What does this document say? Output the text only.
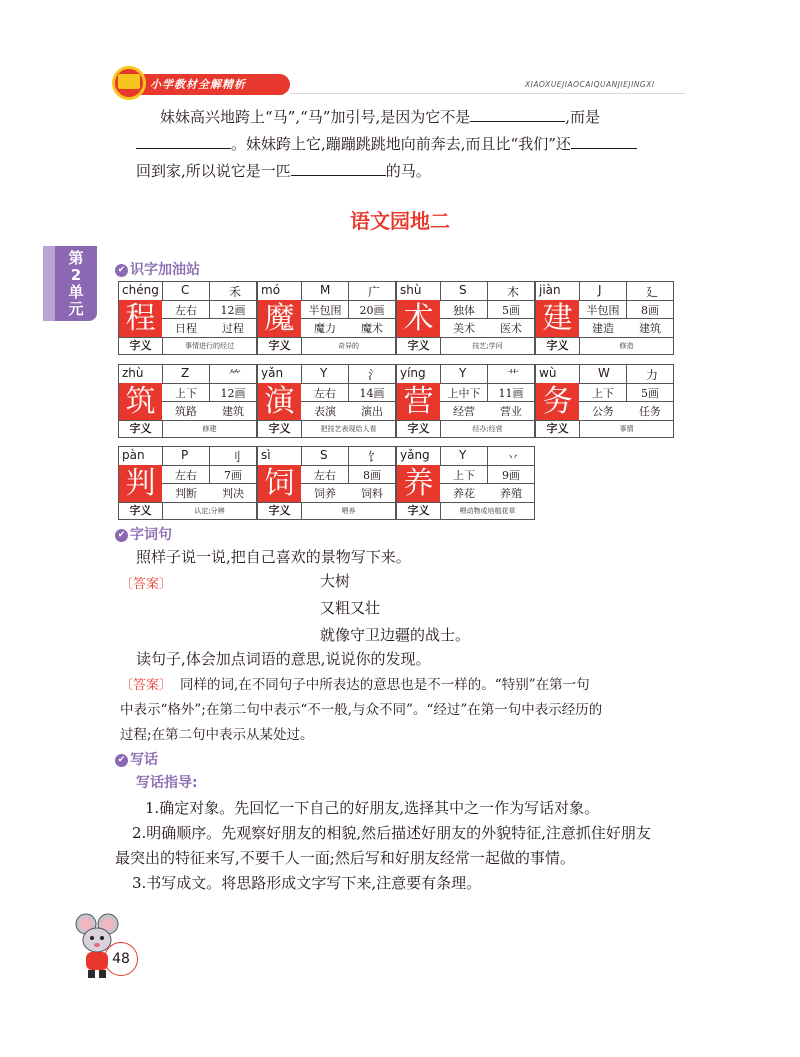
小学教材全解精析	XIAOXUEJIAOCAIQUANJIEJINGXI
妹妹高兴地跨上“马”,“马”加引号,是因为它不是	,而是
。妹妹跨上它,蹦蹦跳跳地向前奔去,而且比“我们”还
回到家,所以说它是一匹	的马。
语文园地二
第
2
单
元
✔ 识字加油站
chéng C	禾
程	左右	12画
日程	过程
字义	事情进行的经过
mó	M	广
魔	半包围	20画
魔力	魔术
字义	奇异的
shù	S	木
术	独体	5画
美术	医术
字义	技艺;学问
jiàn	J	廴
建	半包围	8画
建造	建筑
字义	修造
zhù	Z	⺮
筑	上下	12画
筑路	建筑
字义	修建
yǎn	Y	氵
演	左右	14画
表演	演出
字义	把技艺表现给人看
yíng	Y	艹
营	上中下	11画
经营	营业
字义	经办;经营
wù	W	力
务	上下	5画
公务	任务
字义	事情
pàn	P	刂
判	左右	7画
判断	判决
字义	认定;分辨
sì	S	饣
饲	左右	8画
饲养	饲料
字义	喂养
yǎng Y	丷
养	上下	9画
养花	养殖
字义	喂动物或培植花草
✔ 字词句
照样子说一说,把自己喜欢的景物写下来。
〔答案〕	大树
又粗又壮
就像守卫边疆的战士。
读句子,体会加点词语的意思,说说你的发现。
〔答案〕 同样的词,在不同句子中所表达的意思也是不一样的。“特别”在第一句
中表示“格外”;在第二句中表示“不一般,与众不同”。“经过”在第一句中表示经历的
过程;在第二句中表示从某处过。
✔ 写话
写话指导:
1.确定对象。先回忆一下自己的好朋友,选择其中之一作为写话对象。
2.明确顺序。先观察好朋友的相貌,然后描述好朋友的外貌特征,注意抓住好朋友
最突出的特征来写,不要千人一面;然后写和好朋友经常一起做的事情。
3.书写成文。将思路形成文字写下来,注意要有条理。
48
